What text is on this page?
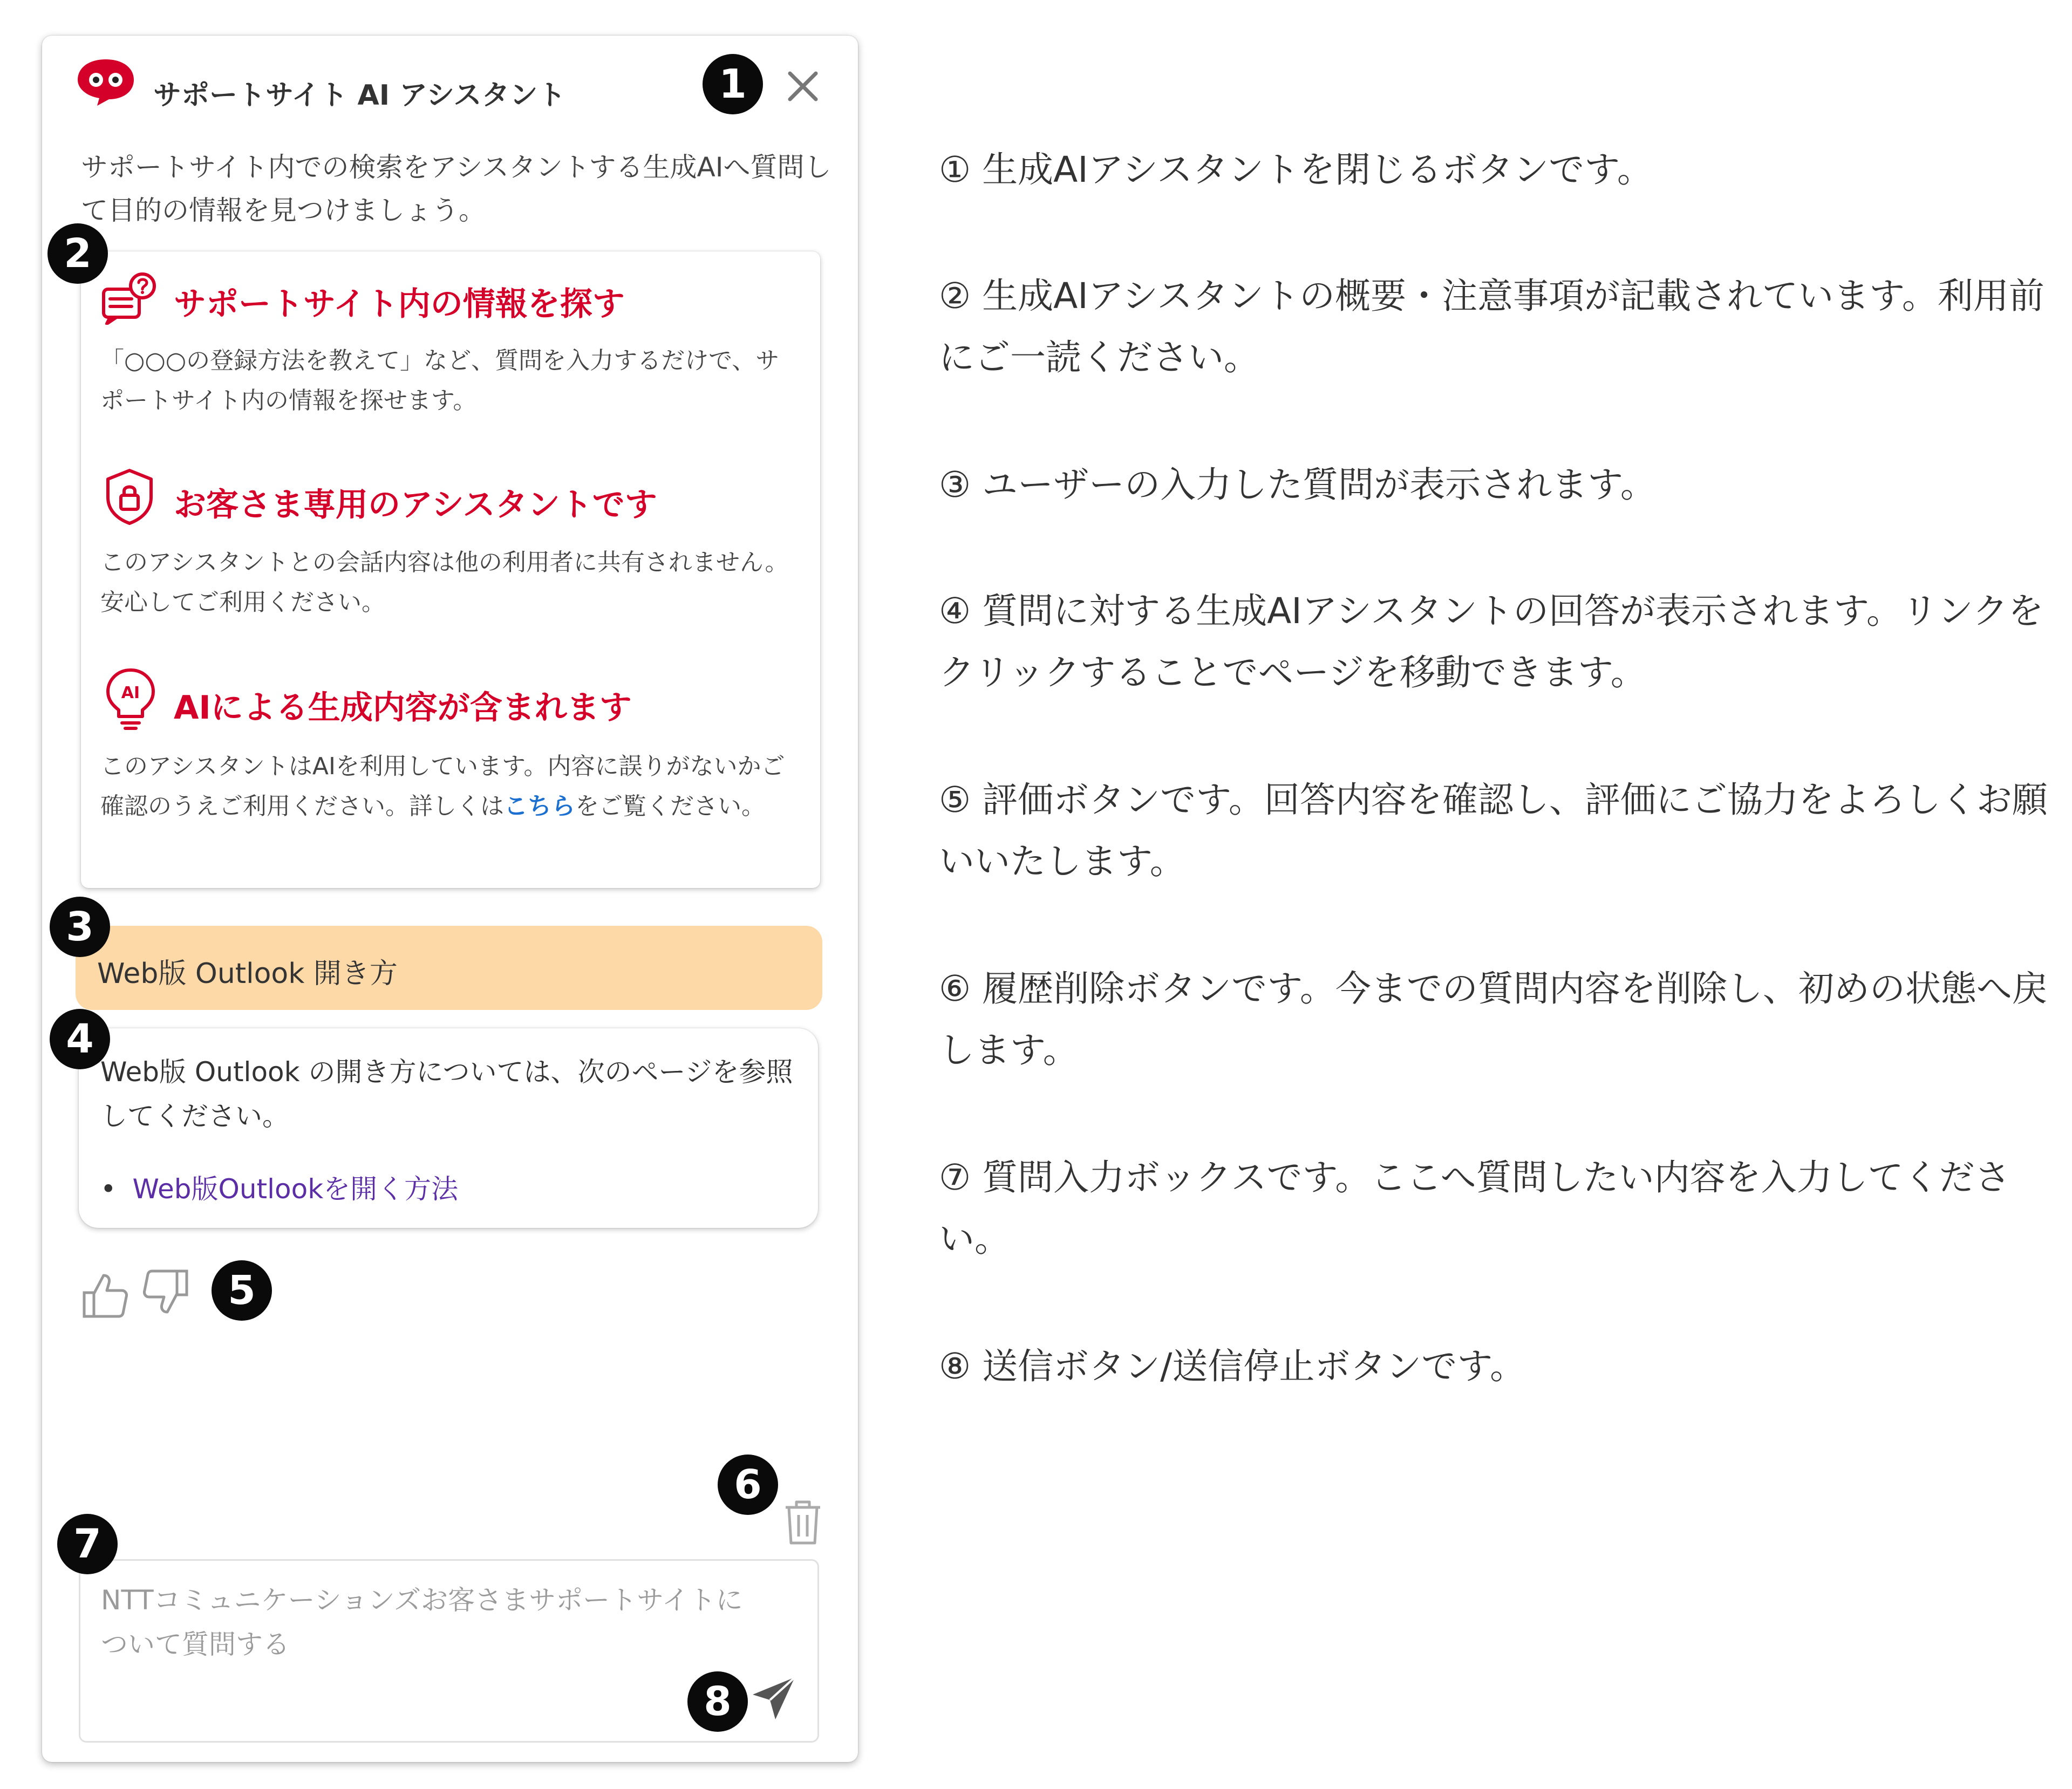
サポートサイト AI アシスタント
サポートサイト内での検索をアシスタントする生成AIへ質問して目的の情報を見つけましょう。
サポートサイト内の情報を探す
「○○○の登録方法を教えて」など、質問を入力するだけで、サポートサイト内の情報を探せます。
お客さま専用のアシスタントです
このアシスタントとの会話内容は他の利用者に共有されません。安心してご利用ください。
AI AIによる生成内容が含まれます
このアシスタントはAIを利用しています。内容に誤りがないかご確認のうえご利用ください。詳しくはこちらをご覧ください。
Web版 Outlook 開き方
Web版 Outlook の開き方については、次のページを参照してください。
• Web版Outlookを開く方法
NTTコミュニケーションズお客さまサポートサイトについて質問する
1
2
3
4
5
6
7
8
① 生成AIアシスタントを閉じるボタンです。
② 生成AIアシスタントの概要・注意事項が記載されています。利用前にご一読ください。
③ ユーザーの入力した質問が表示されます。
④ 質問に対する生成AIアシスタントの回答が表示されます。リンクをクリックすることでページを移動できます。
⑤ 評価ボタンです。回答内容を確認し、評価にご協力をよろしくお願いいたします。
⑥ 履歴削除ボタンです。今までの質問内容を削除し、初めの状態へ戻します。
⑦ 質問入力ボックスです。ここへ質問したい内容を入力してください。
⑧ 送信ボタン/送信停止ボタンです。
